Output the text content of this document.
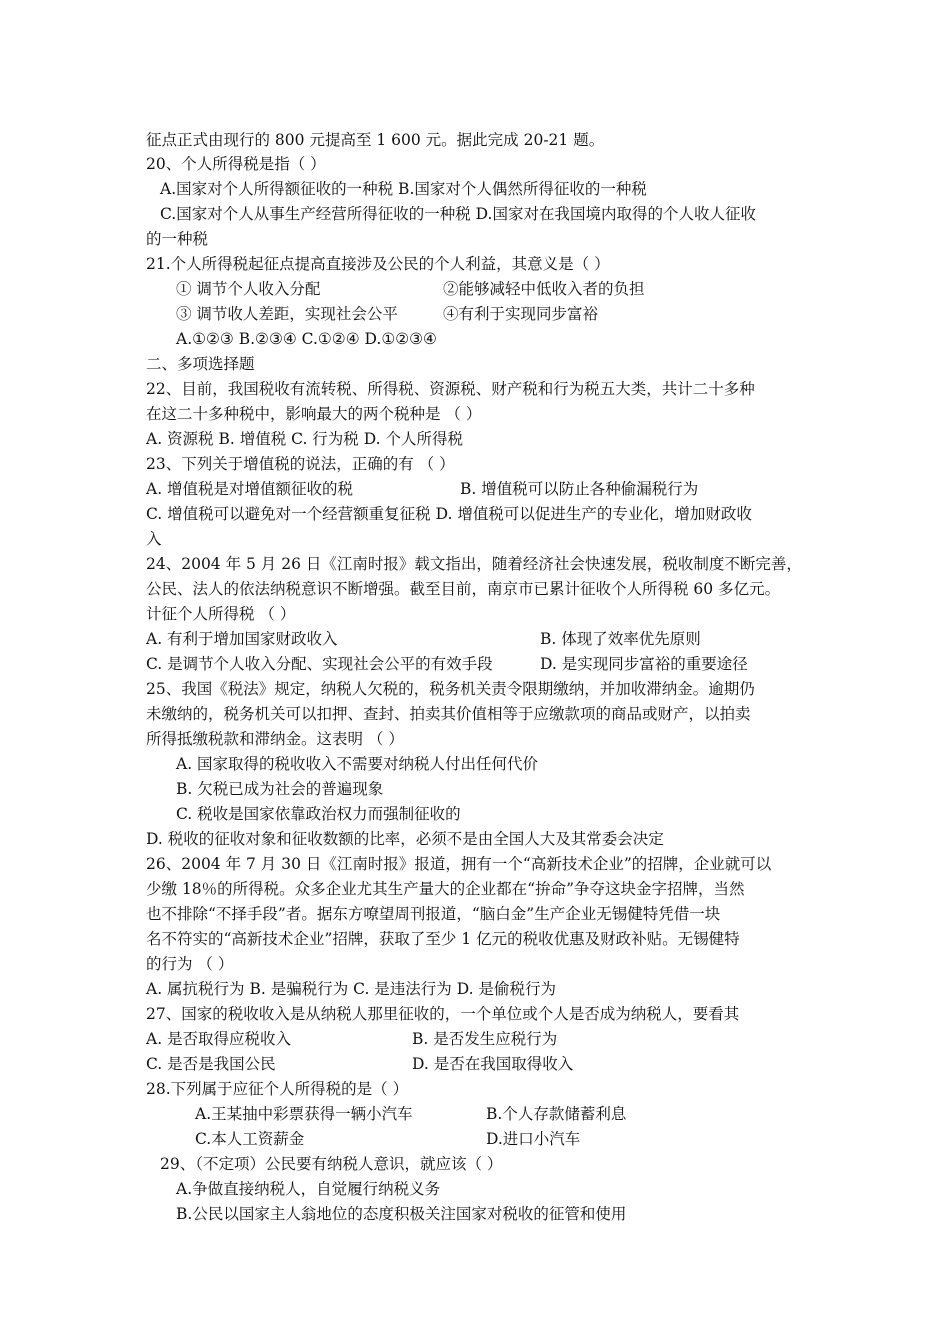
征点正式由现行的 800 元提高至 1 600 元。据此完成 20-21 题。
20、个人所得税是指（ ）
A.国家对个人所得额征收的一种税 B.国家对个人偶然所得征收的一种税
C.国家对个人从事生产经营所得征收的一种税 D.国家对在我国境内取得的个人收人征收
的一种税
21.个人所得税起征点提高直接涉及公民的个人利益，其意义是（ ）
① 调节个人收入分配	②能够减轻中低收入者的负担
③ 调节收人差距，实现社会公平	④有利于实现同步富裕
A.①②③ B.②③④ C.①②④ D.①②③④
二、多项选择题
22、目前，我国税收有流转税、所得税、资源税、财产税和行为税五大类，共计二十多种
在这二十多种税中，影响最大的两个税种是 （ ）
A. 资源税 B. 增值税 C. 行为税 D. 个人所得税
23、下列关于增值税的说法，正确的有 （ ）
A. 增值税是对增值额征收的税	B. 增值税可以防止各种偷漏税行为
C. 增值税可以避免对一个经营额重复征税 D. 增值税可以促进生产的专业化，增加财政收
入
24、2004 年 5 月 26 日《江南时报》载文指出，随着经济社会快速发展，税收制度不断完善，
公民、法人的依法纳税意识不断增强。截至目前，南京市已累计征收个人所得税 60 多亿元。
计征个人所得税 （ ）
A. 有利于增加国家财政收入	B. 体现了效率优先原则
C. 是调节个人收入分配、实现社会公平的有效手段	D. 是实现同步富裕的重要途径
25、我国《税法》规定，纳税人欠税的，税务机关责令限期缴纳，并加收滞纳金。逾期仍
未缴纳的，税务机关可以扣押、查封、拍卖其价值相等于应缴款项的商品或财产，以拍卖
所得抵缴税款和滞纳金。这表明 （ ）
A. 国家取得的税收收入不需要对纳税人付出任何代价
B. 欠税已成为社会的普遍现象
C. 税收是国家依靠政治权力而强制征收的
D. 税收的征收对象和征收数额的比率，必须不是由全国人大及其常委会决定
26、2004 年 7 月 30 日《江南时报》报道，拥有一个“高新技术企业”的招牌，企业就可以
少缴 18％的所得税。众多企业尤其生产量大的企业都在“拚命”争夺这块金字招牌，当然
也不排除“不择手段”者。据东方嘹望周刊报道，“脑白金”生产企业无锡健特凭借一块
名不符实的“高新技术企业”招牌，获取了至少 1 亿元的税收优惠及财政补贴。无锡健特
的行为 （ ）
A. 属抗税行为 B. 是骗税行为 C. 是违法行为 D. 是偷税行为
27、国家的税收收入是从纳税人那里征收的，一个单位或个人是否成为纳税人，要看其
A. 是否取得应税收入	B. 是否发生应税行为
C. 是否是我国公民	D. 是否在我国取得收入
28.下列属于应征个人所得税的是（ ）
A.王某抽中彩票获得一辆小汽车	B.个人存款储蓄利息
C.本人工资薪金	D.进口小汽车
29、（不定项）公民要有纳税人意识，就应该（ ）
A.争做直接纳税人，自觉履行纳税义务
B.公民以国家主人翁地位的态度积极关注国家对税收的征管和使用
